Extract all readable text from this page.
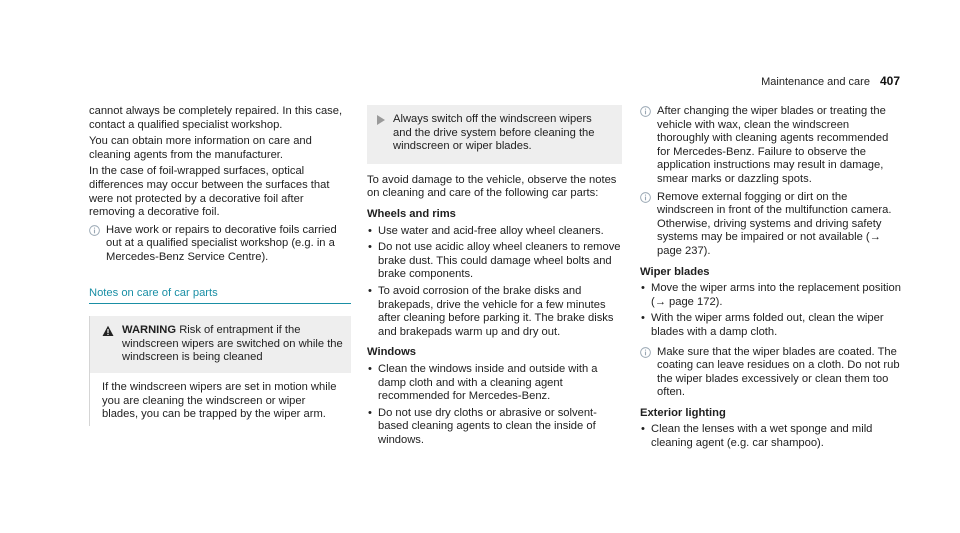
Maintenance and care 407

cannot always be completely repaired. In this case, contact a qualified specialist workshop.

You can obtain more information on care and cleaning agents from the manufacturer.

In the case of foil-wrapped surfaces, optical differences may occur between the surfaces that were not protected by a decorative foil after removing a decorative foil.

Have work or repairs to decorative foils carried out at a qualified specialist workshop (e.g. in a Mercedes-Benz Service Centre).
Notes on care of car parts
WARNING Risk of entrapment if the windscreen wipers are switched on while the windscreen is being cleaned
If the windscreen wipers are set in motion while you are cleaning the windscreen or wiper blades, you can be trapped by the wiper arm.
Always switch off the windscreen wipers and the drive system before cleaning the windscreen or wiper blades.

To avoid damage to the vehicle, observe the notes on cleaning and care of the following car parts:

Wheels and rims
• Use water and acid-free alloy wheel cleaners.
• Do not use acidic alloy wheel cleaners to remove brake dust. This could damage wheel bolts and brake components.
• To avoid corrosion of the brake disks and brakepads, drive the vehicle for a few minutes after cleaning before parking it. The brake disks and brakepads warm up and dry out.
Windows
• Clean the windows inside and outside with a damp cloth and with a cleaning agent recommended for Mercedes-Benz.
• Do not use dry cloths or abrasive or solvent-based cleaning agents to clean the inside of windows.
After changing the wiper blades or treating the vehicle with wax, clean the windscreen thoroughly with cleaning agents recommended for Mercedes-Benz. Failure to observe the application instructions may result in damage, smear marks or dazzling spots.
Remove external fogging or dirt on the windscreen in front of the multifunction camera. Otherwise, driving systems and driving safety systems may be impaired or not available (→ page 237).
Wiper blades
• Move the wiper arms into the replacement position (→ page 172).
• With the wiper arms folded out, clean the wiper blades with a damp cloth.
Make sure that the wiper blades are coated. The coating can leave residues on a cloth. Do not rub the wiper blades excessively or clean them too often.
Exterior lighting
• Clean the lenses with a wet sponge and mild cleaning agent (e.g. car shampoo).
